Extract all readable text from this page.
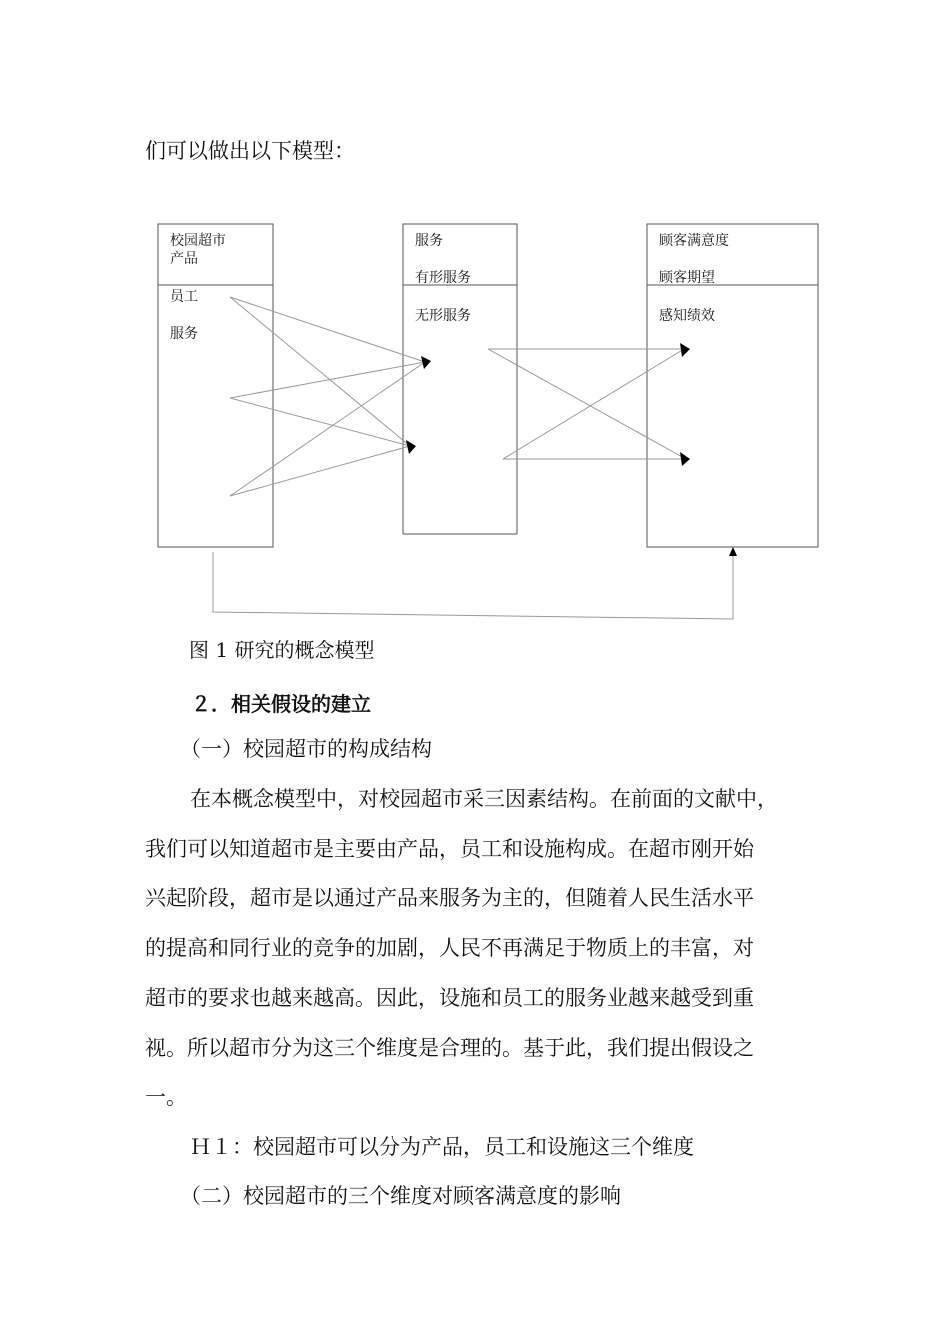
们可以做出以下模型：
校园超市
产品
员工
服务
服务
有形服务
无形服务
顾客满意度
顾客期望
感知绩效
图 1 研究的概念模型
２．相关假设的建立
（一）校园超市的构成结构
在本概念模型中，对校园超市采三因素结构。在前面的文献中，
我们可以知道超市是主要由产品，员工和设施构成。在超市刚开始
兴起阶段，超市是以通过产品来服务为主的，但随着人民生活水平
的提高和同行业的竞争的加剧，人民不再满足于物质上的丰富，对
超市的要求也越来越高。因此，设施和员工的服务业越来越受到重
视。所以超市分为这三个维度是合理的。基于此，我们提出假设之
一。
Ｈ１：校园超市可以分为产品，员工和设施这三个维度
（二）校园超市的三个维度对顾客满意度的影响
